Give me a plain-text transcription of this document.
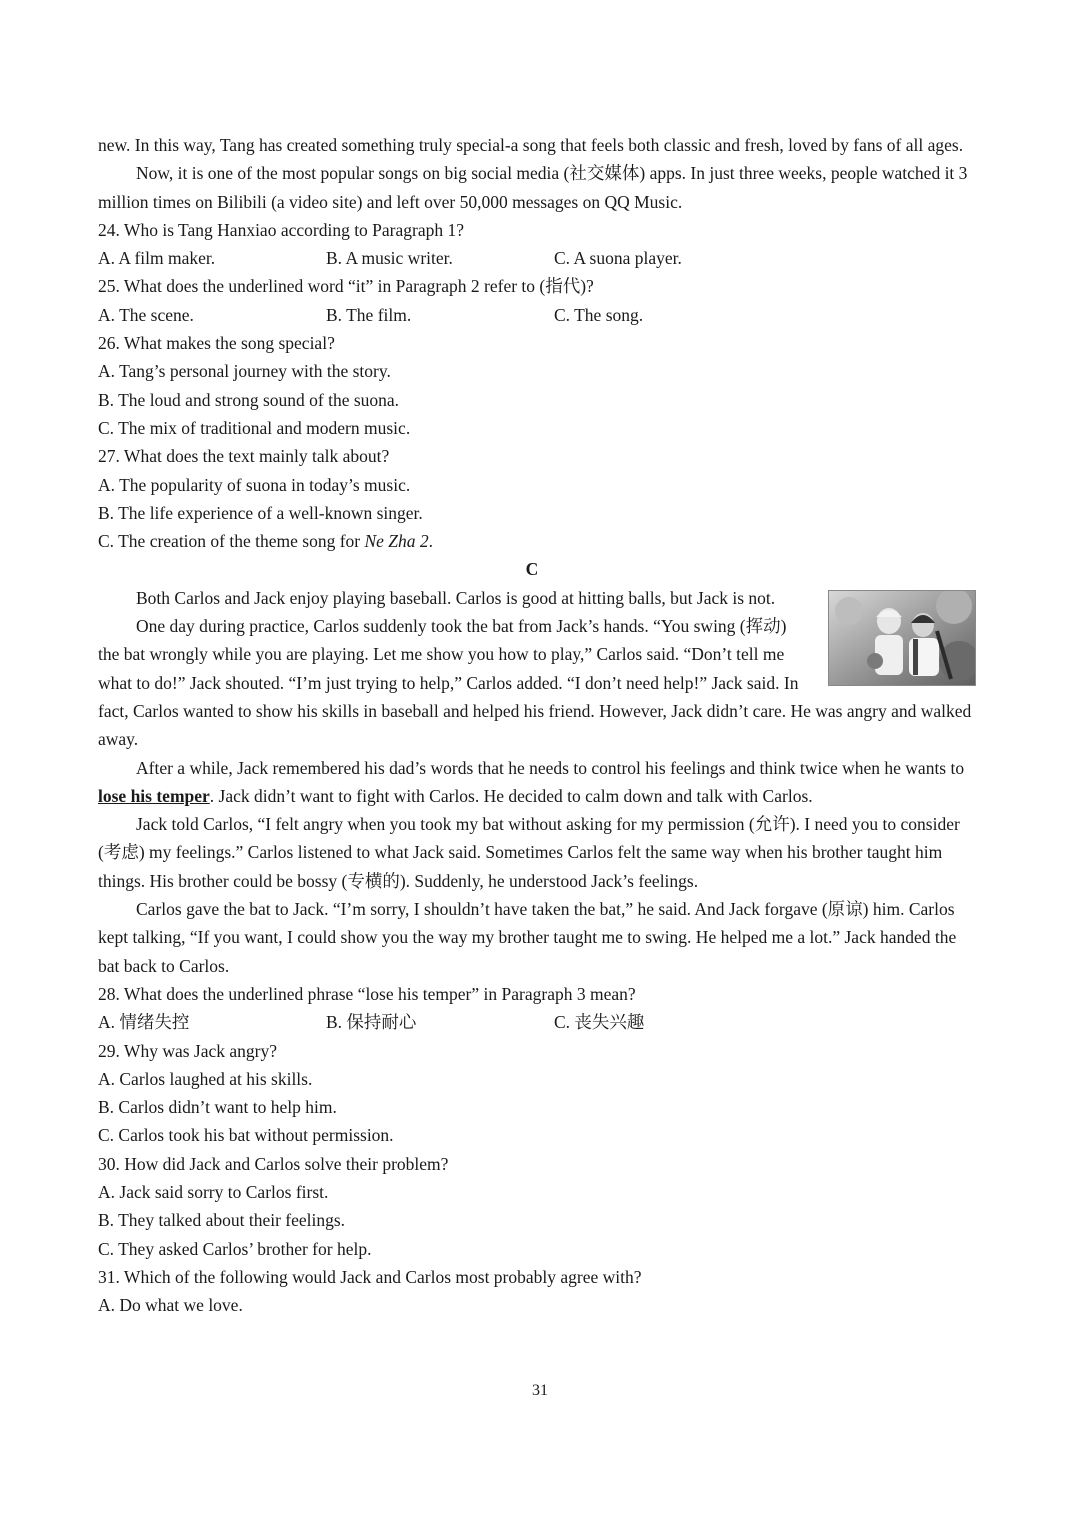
new. In this way, Tang has created something truly special-a song that feels both classic and fresh, loved by fans of all ages.

Now, it is one of the most popular songs on big social media (社交媒体) apps. In just three weeks, people watched it 3 million times on Bilibili (a video site) and left over 50,000 messages on QQ Music.

24. Who is Tang Hanxiao according to Paragraph 1?

A. A film maker.	B. A music writer.	C. A suona player.

25. What does the underlined word “it” in Paragraph 2 refer to (指代)?

A. The scene.	B. The film.	C. The song.

26. What makes the song special?

A. Tang’s personal journey with the story.

B. The loud and strong sound of the suona.

C. The mix of traditional and modern music.

27. What does the text mainly talk about?

A. The popularity of suona in today’s music.

B. The life experience of a well-known singer.

C. The creation of the theme song for Ne Zha 2.

C

Both Carlos and Jack enjoy playing baseball. Carlos is good at hitting balls, but Jack is not.

One day during practice, Carlos suddenly took the bat from Jack’s hands. “You swing (挥动) the bat wrongly while you are playing. Let me show you how to play,” Carlos said. “Don’t tell me what to do!” Jack shouted. “I’m just trying to help,” Carlos added. “I don’t need help!” Jack said. In fact, Carlos wanted to show his skills in baseball and helped his friend. However, Jack didn’t care. He was angry and walked away.

After a while, Jack remembered his dad’s words that he needs to control his feelings and think twice when he wants to lose his temper. Jack didn’t want to fight with Carlos. He decided to calm down and talk with Carlos.

Jack told Carlos, “I felt angry when you took my bat without asking for my permission (允许). I need you to consider (考虑) my feelings.” Carlos listened to what Jack said. Sometimes Carlos felt the same way when his brother taught him things. His brother could be bossy (专横的). Suddenly, he understood Jack’s feelings.

Carlos gave the bat to Jack. “I’m sorry, I shouldn’t have taken the bat,” he said. And Jack forgave (原谅) him. Carlos kept talking, “If you want, I could show you the way my brother taught me to swing. He helped me a lot.” Jack handed the bat back to Carlos.

28. What does the underlined phrase “lose his temper” in Paragraph 3 mean?

A. 情绪失控	B. 保持耐心	C. 丧失兴趣

29. Why was Jack angry?

A. Carlos laughed at his skills.

B. Carlos didn’t want to help him.

C. Carlos took his bat without permission.

30. How did Jack and Carlos solve their problem?

A. Jack said sorry to Carlos first.

B. They talked about their feelings.

C. They asked Carlos’ brother for help.

31. Which of the following would Jack and Carlos most probably agree with?

A. Do what we love.

31
